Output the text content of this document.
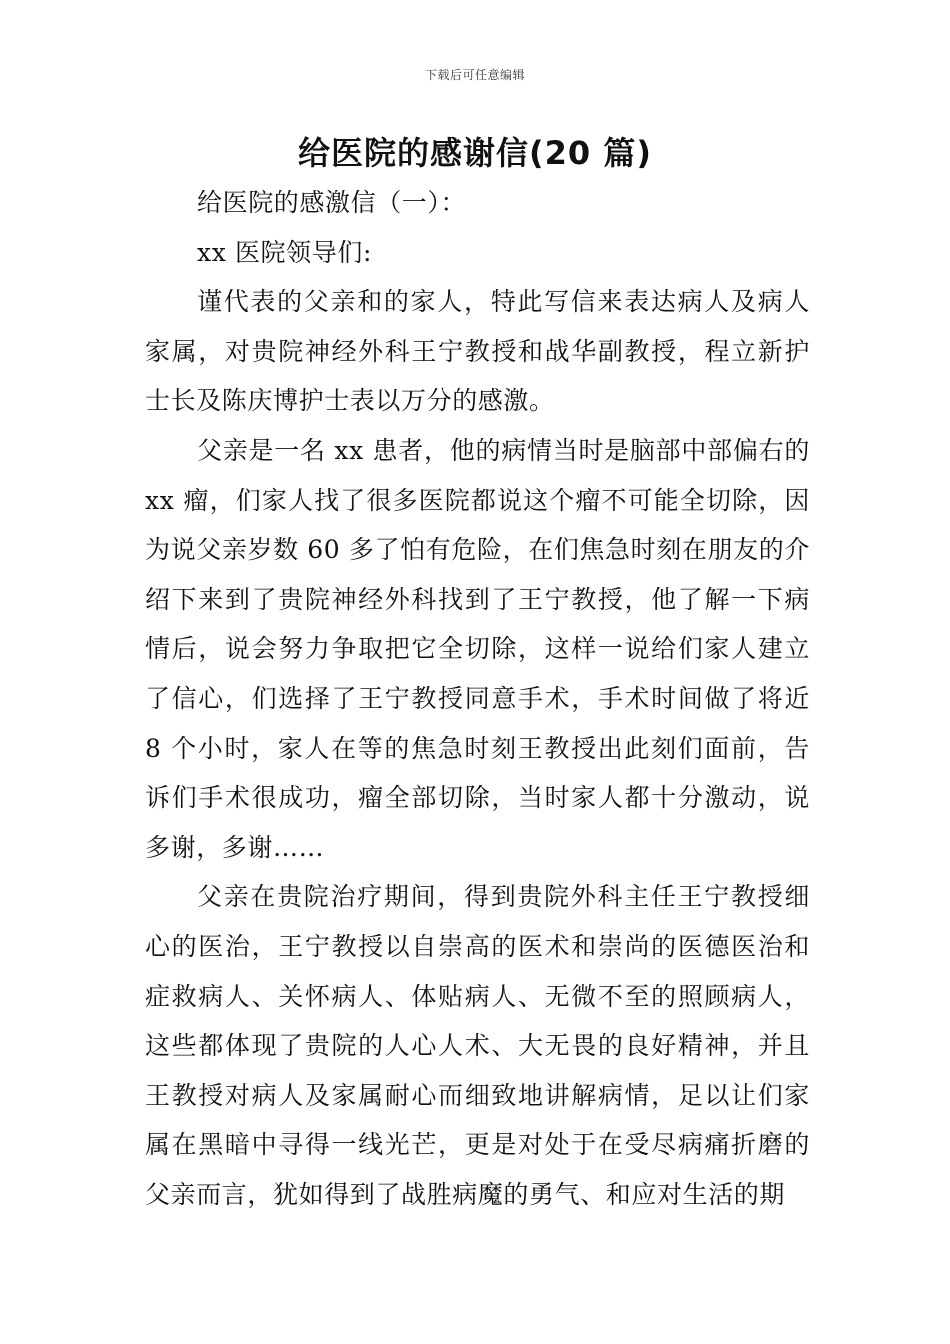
下载后可任意编辑
给医院的感谢信(20 篇)

给医院的感激信（一）：

xx 医院领导们:

谨代表的父亲和的家人，特此写信来表达病人及病人家属，对贵院神经外科王宁教授和战华副教授，程立新护士长及陈庆博护士表以万分的感激。

父亲是一名 xx 患者，他的病情当时是脑部中部偏右的 xx 瘤，们家人找了很多医院都说这个瘤不可能全切除，因为说父亲岁数 60 多了怕有危险，在们焦急时刻在朋友的介绍下来到了贵院神经外科找到了王宁教授，他了解一下病情后，说会努力争取把它全切除，这样一说给们家人建立了信心，们选择了王宁教授同意手术，手术时间做了将近 8 个小时，家人在等的焦急时刻王教授出此刻们面前，告诉们手术很成功，瘤全部切除，当时家人都十分激动，说多谢，多谢……

父亲在贵院治疗期间，得到贵院外科主任王宁教授细心的医治，王宁教授以自崇高的医术和崇尚的医德医治和症救病人、关怀病人、体贴病人、无微不至的照顾病人，这些都体现了贵院的人心人术、大无畏的良好精神，并且王教授对病人及家属耐心而细致地讲解病情，足以让们家属在黑暗中寻得一线光芒，更是对处于在受尽病痛折磨的父亲而言，犹如得到了战胜病魔的勇气、和应对生活的期
